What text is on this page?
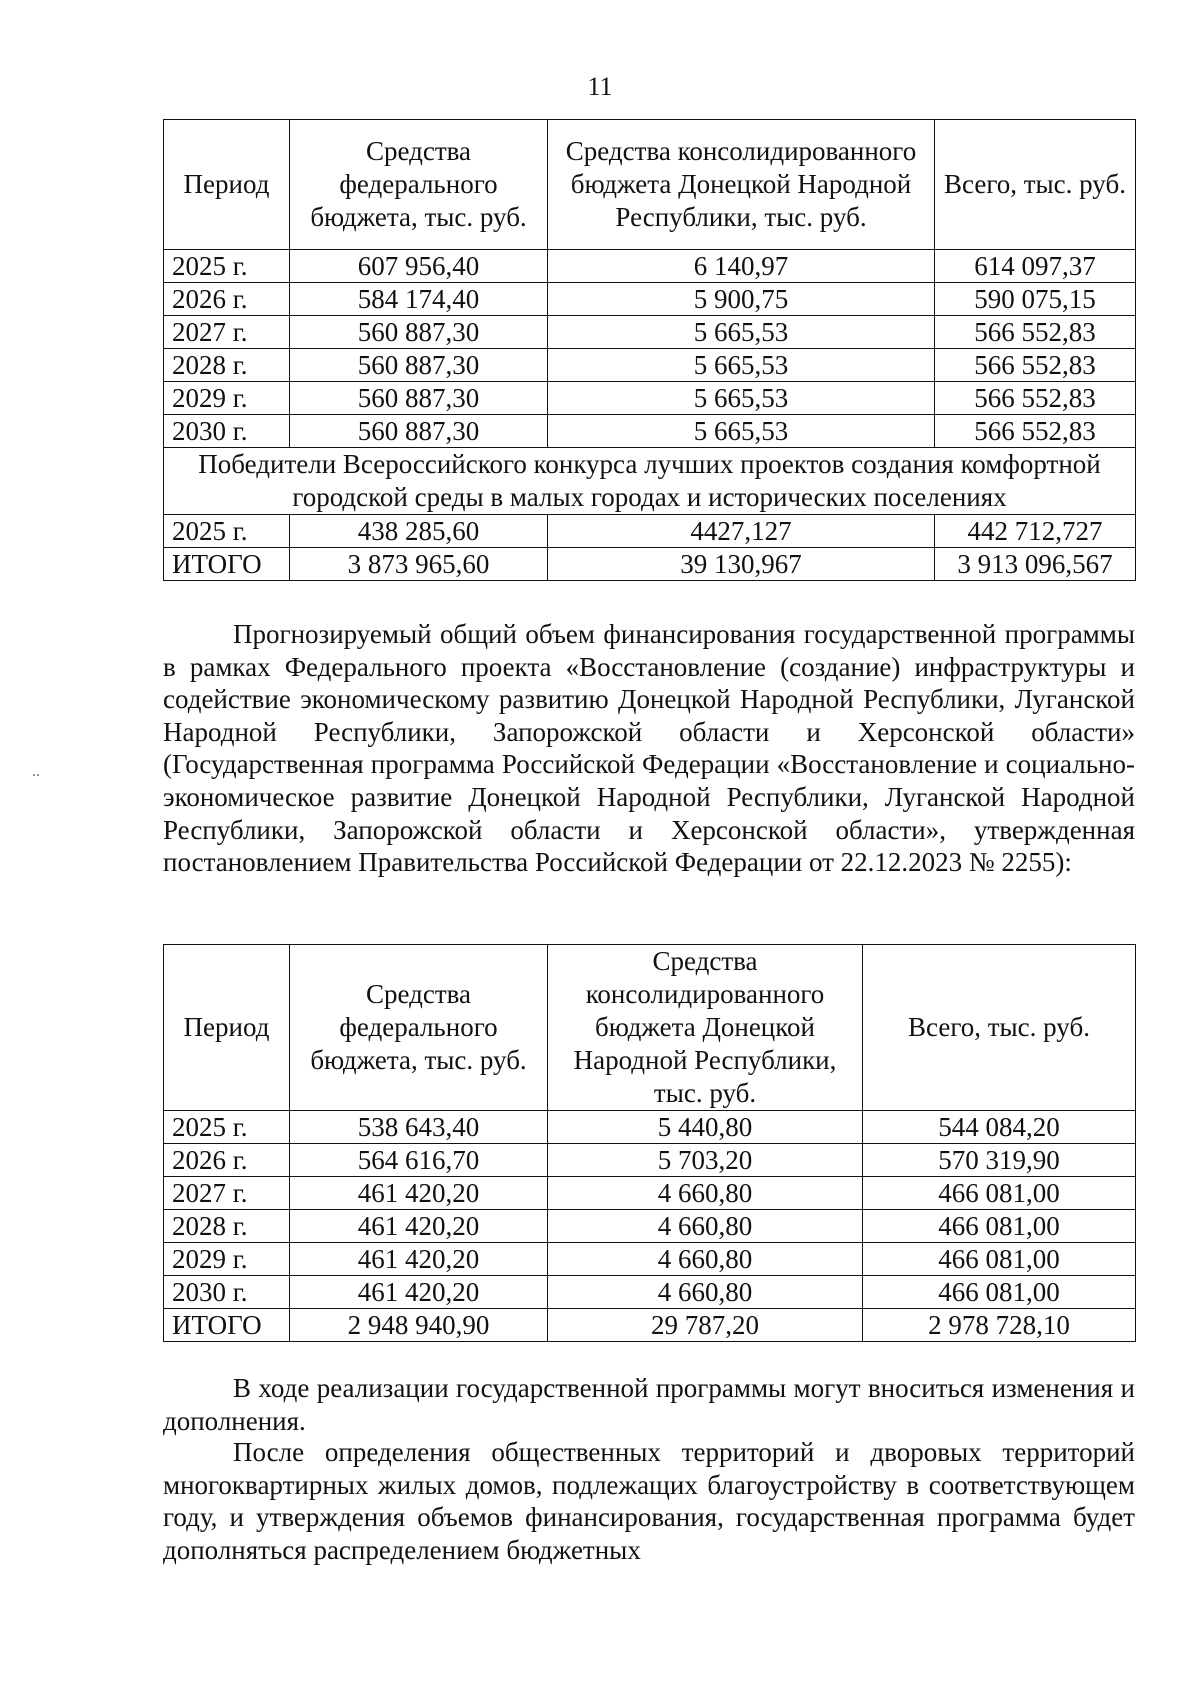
11
..
Период	Средства федерального бюджета, тыс. руб.	Средства консолидированного бюджета Донецкой Народной Республики, тыс. руб.	Всего, тыс. руб.
2025 г.	607 956,40	6 140,97	614 097,37
2026 г.	584 174,40	5 900,75	590 075,15
2027 г.	560 887,30	5 665,53	566 552,83
2028 г.	560 887,30	5 665,53	566 552,83
2029 г.	560 887,30	5 665,53	566 552,83
2030 г.	560 887,30	5 665,53	566 552,83
Победители Всероссийского конкурса лучших проектов создания комфортной городской среды в малых городах и исторических поселениях			
2025 г.	438 285,60	4427,127	442 712,727
ИТОГО	3 873 965,60	39 130,967	3 913 096,567
Прогнозируемый общий объем финансирования государственной программы в рамках Федерального проекта «Восстановление (создание) инфраструктуры и содействие экономическому развитию Донецкой Народной Республики, Луганской Народной Республики, Запорожской области и Херсонской области» (Государственная программа Российской Федерации «Восстановление и социально-экономическое развитие Донецкой Народной Республики, Луганской Народной Республики, Запорожской области и Херсонской области», утвержденная постановлением Правительства Российской Федерации от 22.12.2023 № 2255):
Период	Средства федерального бюджета, тыс. руб.	Средства консолидированного бюджета Донецкой Народной Республики, тыс. руб.	Всего, тыс. руб.
2025 г.	538 643,40	5 440,80	544 084,20
2026 г.	564 616,70	5 703,20	570 319,90
2027 г.	461 420,20	4 660,80	466 081,00
2028 г.	461 420,20	4 660,80	466 081,00
2029 г.	461 420,20	4 660,80	466 081,00
2030 г.	461 420,20	4 660,80	466 081,00
ИТОГО	2 948 940,90	29 787,20	2 978 728,10
В ходе реализации государственной программы могут вноситься изменения и дополнения.
После определения общественных территорий и дворовых территорий многоквартирных жилых домов, подлежащих благоустройству в соответствующем году, и утверждения объемов финансирования, государственная программа будет дополняться распределением бюджетных
